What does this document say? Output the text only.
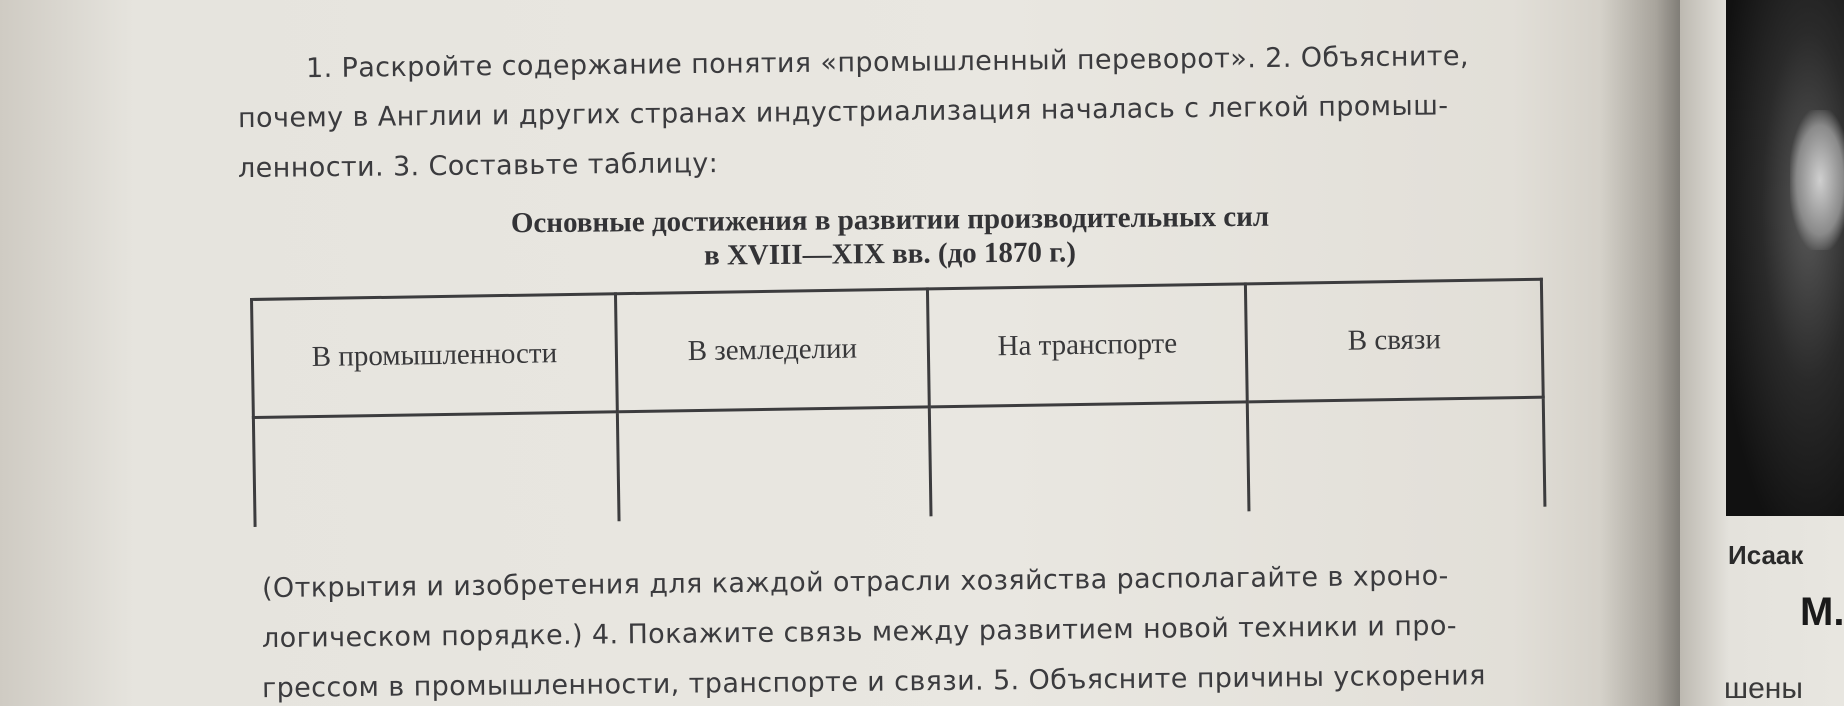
1. Раскройте содержание понятия «промышленный переворот». 2. Объясните,
почему в Англии и других странах индустриализация началась с легкой промыш-
ленности. 3. Составьте таблицу:
Основные достижения в развитии производительных сил
в XVIII—XIX вв. (до 1870 г.)
В промышленности	В земледелии	На транспорте	В связи

(Открытия и изобретения для каждой отрасли хозяйства располагайте в хроно-
логическом порядке.) 4. Покажите связь между развитием новой техники и про-
грессом в промышленности, транспорте и связи. 5. Объясните причины ускорения
Исаак
М.
шены
